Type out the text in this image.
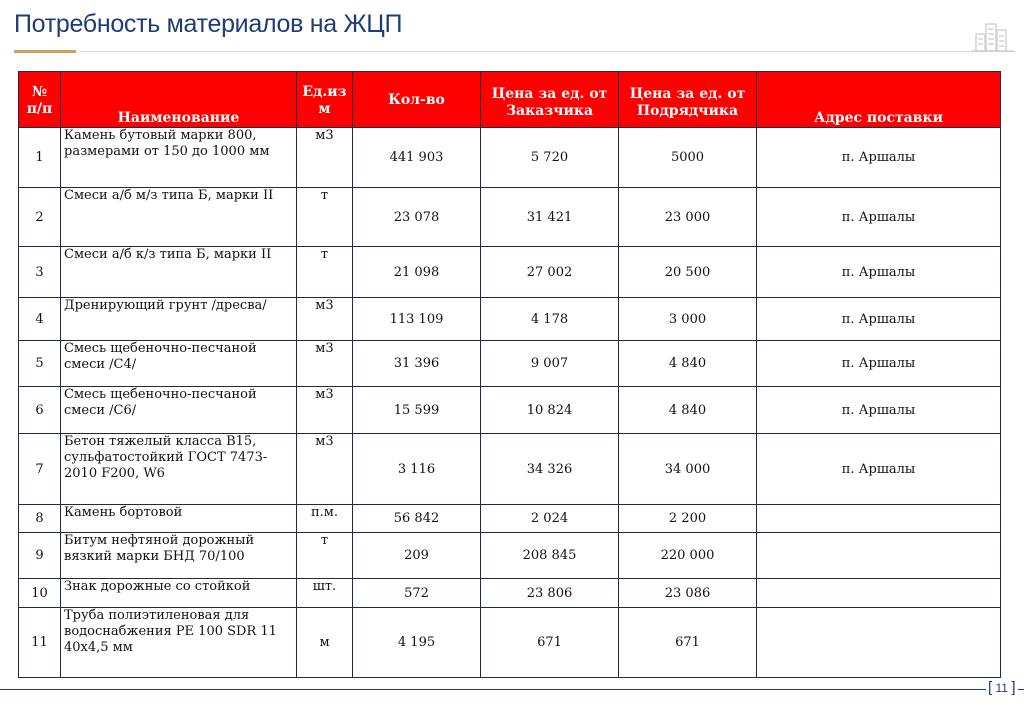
Потребность материалов на ЖЦП
№ п/п	Наименование	Ед.из м	Кол-во	Цена за ед. от Заказчика	Цена за ед. от Подрядчика	Адрес поставки
1	Камень бутовый марки 800, размерами от 150 до 1000 мм	м3	441 903	5 720	5000	п. Аршалы
2	Смеси а/б м/з типа Б, марки II	т	23 078	31 421	23 000	п. Аршалы
3	Смеси а/б к/з типа Б, марки II	т	21 098	27 002	20 500	п. Аршалы
4	Дренирующий грунт /дресва/	м3	113 109	4 178	3 000	п. Аршалы
5	Смесь щебеночно-песчаной смеси /С4/	м3	31 396	9 007	4 840	п. Аршалы
6	Смесь щебеночно-песчаной смеси /С6/	м3	15 599	10 824	4 840	п. Аршалы
7	Бетон тяжелый класса В15, сульфатостойкий ГОСТ 7473-2010 F200, W6	м3	3 116	34 326	34 000	п. Аршалы
8	Камень бортовой	п.м.	56 842	2 024	2 200	
9	Битум нефтяной дорожный вязкий марки БНД 70/100	т	209	208 845	220 000	
10	Знак дорожные со стойкой	шт.	572	23 806	23 086	
11	Труба полиэтиленовая для водоснабжения PE 100 SDR 11 40х4,5 мм	м	4 195	671	671	
[ 11 ]
